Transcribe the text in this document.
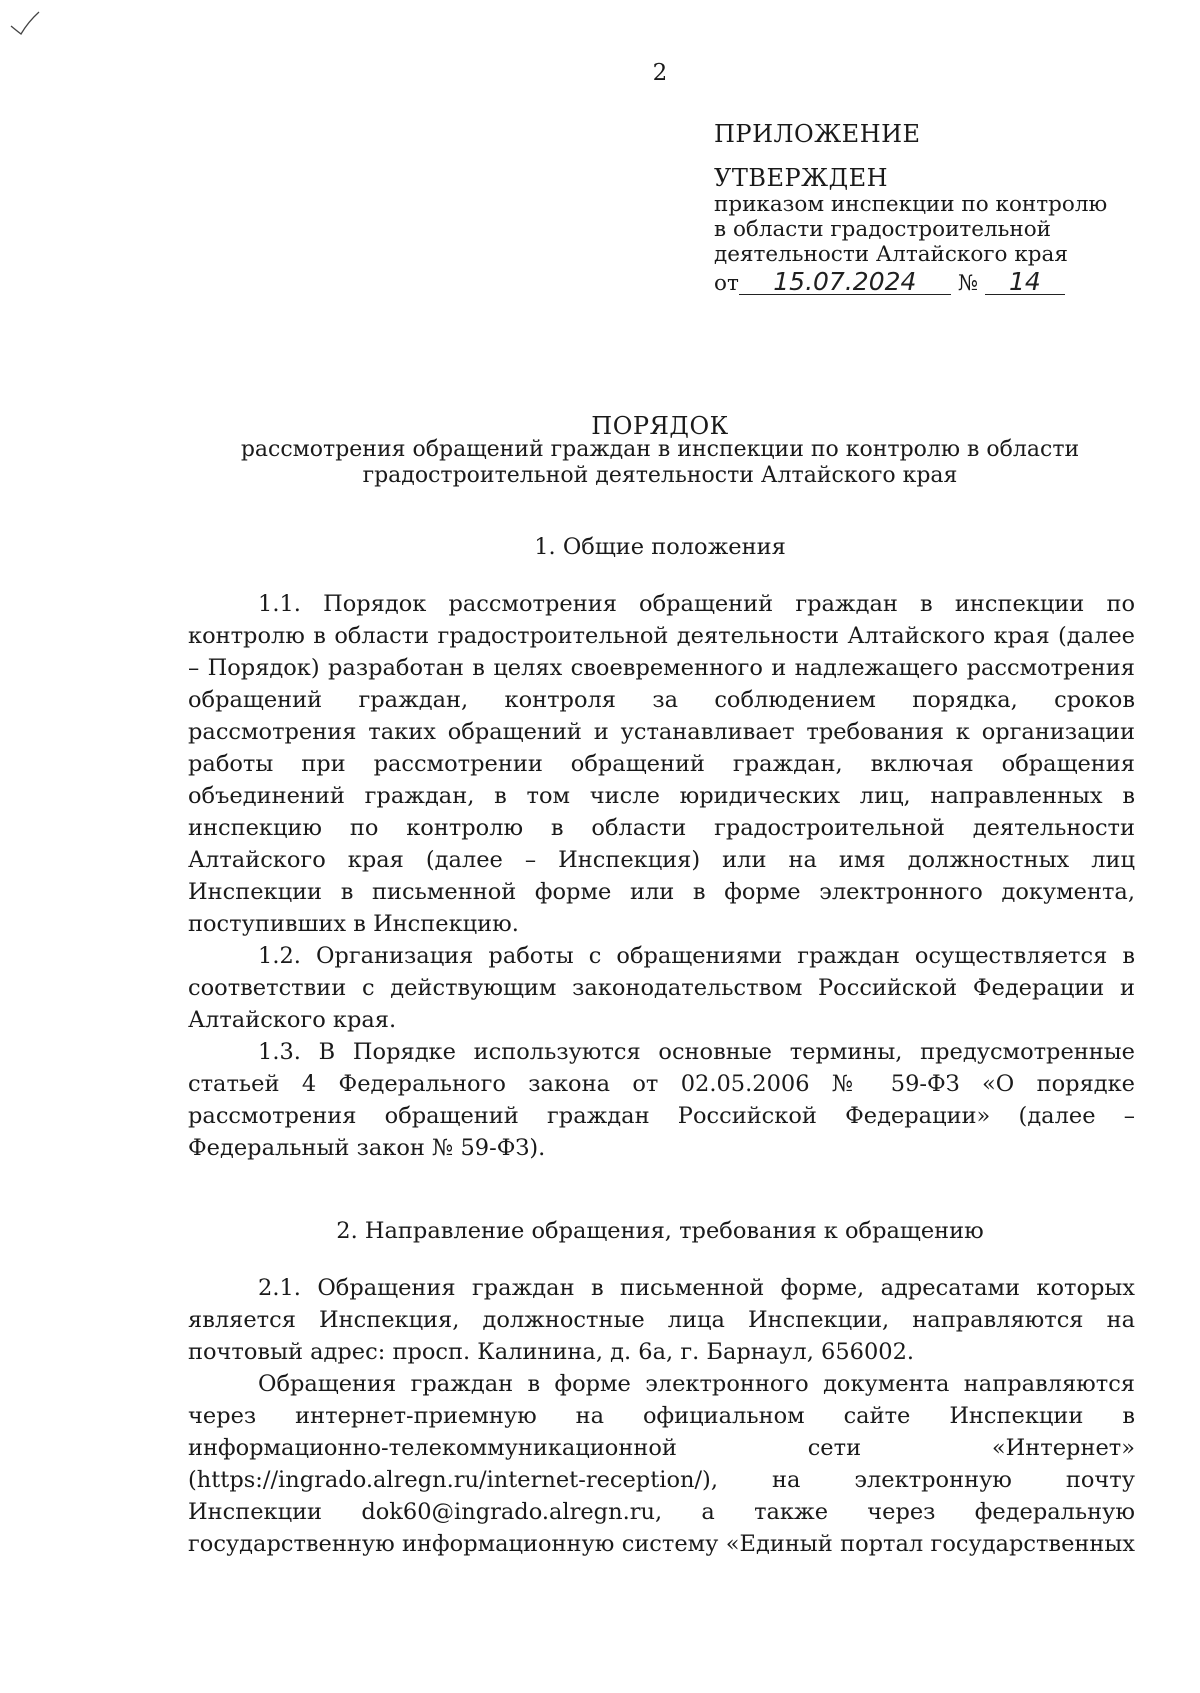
2
ПРИЛОЖЕНИЕ
УТВЕРЖДЕН
приказом инспекции по контролю
в области градостроительной
деятельности Алтайского края
от 15.07.2024 № 14
ПОРЯДОК
рассмотрения обращений граждан в инспекции по контролю в области градостроительной деятельности Алтайского края
1. Общие положения

1.1. Порядок рассмотрения обращений граждан в инспекции по контролю в области градостроительной деятельности Алтайского края (далее – Порядок) разработан в целях своевременного и надлежащего рассмотрения обращений граждан, контроля за соблюдением порядка, сроков рассмотрения таких обращений и устанавливает требования к организации работы при рассмотрении обращений граждан, включая обращения объединений граждан, в том числе юридических лиц, направленных в инспекцию по контролю в области градостроительной деятельности Алтайского края (далее – Инспекция) или на имя должностных лиц Инспекции в письменной форме или в форме электронного документа, поступивших в Инспекцию.

1.2. Организация работы с обращениями граждан осуществляется в соответствии с действующим законодательством Российской Федерации и Алтайского края.

1.3. В Порядке используются основные термины, предусмотренные статьей 4 Федерального закона от 02.05.2006 № 59-ФЗ «О порядке рассмотрения обращений граждан Российской Федерации» (далее – Федеральный закон № 59-ФЗ).

2. Направление обращения, требования к обращению

2.1. Обращения граждан в письменной форме, адресатами которых является Инспекция, должностные лица Инспекции, направляются на почтовый адрес: просп. Калинина, д. 6а, г. Барнаул, 656002.

Обращения граждан в форме электронного документа направляются через интернет-приемную на официальном сайте Инспекции в информационно-телекоммуникационной сети «Интернет» (https://ingrado.alregn.ru/internet-reception/), на электронную почту Инспекции dok60@ingrado.alregn.ru, а также через федеральную государственную информационную систему «Единый портал государственных
